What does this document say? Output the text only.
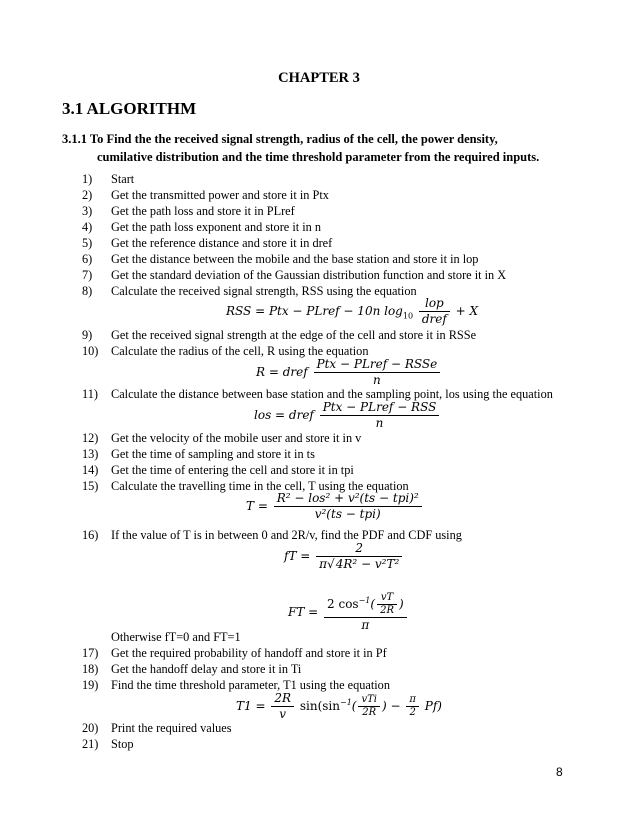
CHAPTER 3
3.1 ALGORITHM
3.1.1 To Find the the received signal strength, radius of the cell, the power density,
cumilative distribution and the time threshold parameter from the required inputs.
1) Start
2) Get the transmitted power and store it in Ptx
3) Get the path loss and store it in PLref
4) Get the path loss exponent and store it in n
5) Get the reference distance and store it in dref
6) Get the distance between the mobile and the base station and store it in lop
7) Get the standard deviation of the Gaussian distribution function and store it in X
8) Calculate the received signal strength, RSS using the equation
RSS = Ptx − PLref − 10n $\log_{10} \frac{\text{lop}}{\text{dref}} + X$
9) Get the received signal strength at the edge of the cell and store it in RSSe
10) Calculate the radius of the cell, R using the equation
R = dref $\frac{\text{Ptx − PLref − RSSe}}{n}$
11) Calculate the distance between base station and the sampling point, los using the equation
los = dref $\frac{\text{Ptx − PLref − RSS}}{n}$
12) Get the velocity of the mobile user and store it in v
13) Get the time of sampling and store it in ts
14) Get the time of entering the cell and store it in tpi
15) Calculate the travelling time in the cell, T using the equation
$T = \frac{\text{R² − los² + v²(ts − tpi)²}}{\text{v²(ts − tpi)}}$
16) If the value of T is in between 0 and 2R/v, find the PDF and CDF using
fT = $\frac{2}{\text{π√4R² − v²T²}}$
FT = $\frac{2 \cos^{-1}( \frac{vT}{2R} )}{\pi}$
Otherwise fT=0 and FT=1
17) Get the required probability of handoff and store it in Pf
18) Get the handoff delay and store it in Ti
19) Find the time threshold parameter, T1 using the equation
$T1 = \frac{2R}{v} \sin(\sin^{-1}( \frac{\text{vTi}}{2R}$ ) − $\frac{\pi}{2} Pf$)
20) Print the required values
21) Stop
8
